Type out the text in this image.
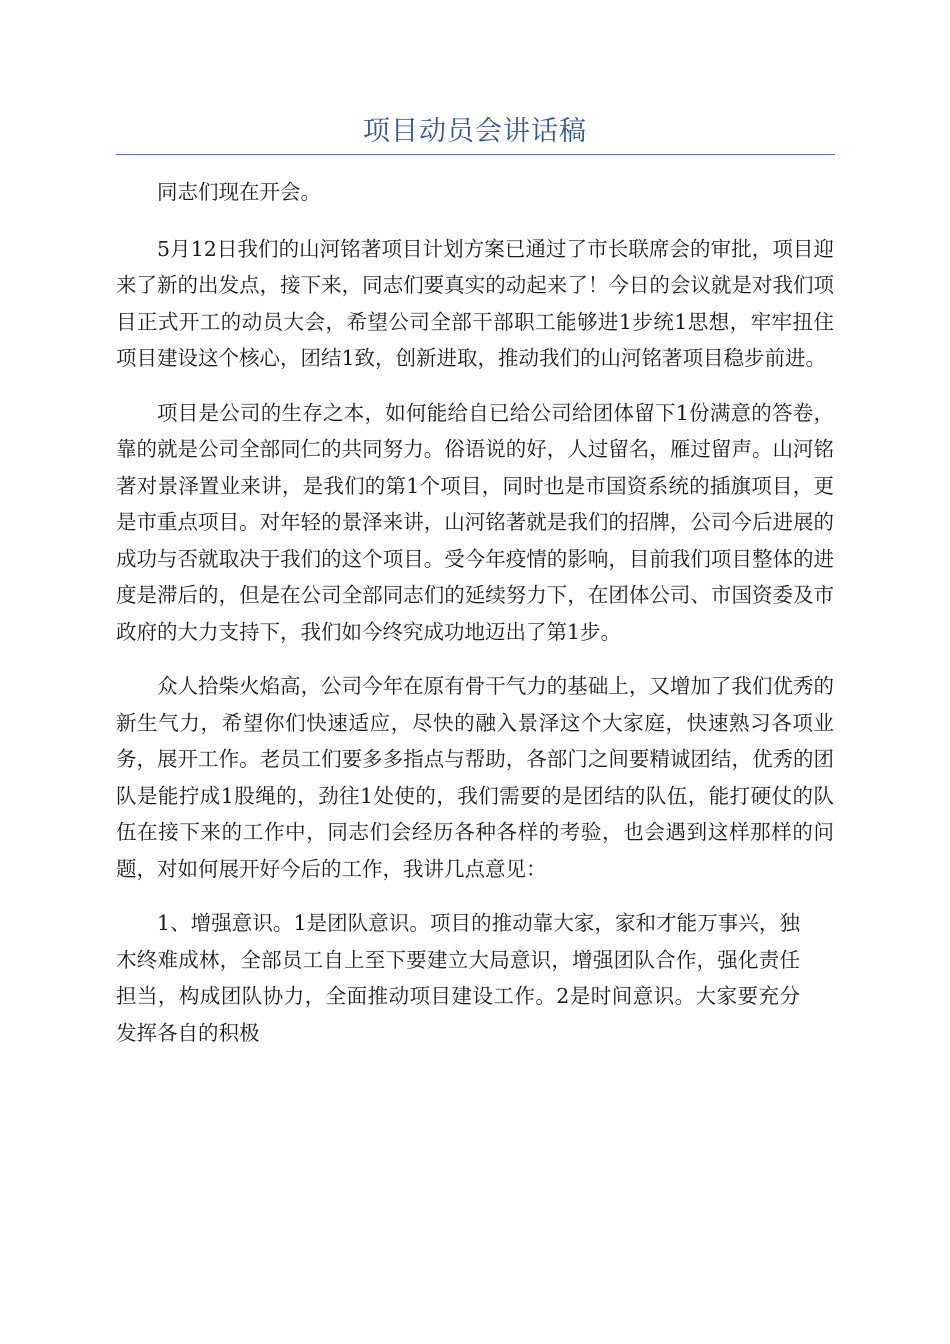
项目动员会讲话稿

同志们现在开会。

5月12日我们的山河铭著项目计划方案已通过了市长联席会的审批，项目迎来了新的出发点，接下来，同志们要真实的动起来了！今日的会议就是对我们项目正式开工的动员大会，希望公司全部干部职工能够进1步统1思想，牢牢扭住项目建设这个核心，团结1致，创新进取，推动我们的山河铭著项目稳步前进。

项目是公司的生存之本，如何能给自已给公司给团体留下1份满意的答卷，靠的就是公司全部同仁的共同努力。俗语说的好，人过留名，雁过留声。山河铭著对景泽置业来讲，是我们的第1个项目，同时也是市国资系统的插旗项目，更是市重点项目。对年轻的景泽来讲，山河铭著就是我们的招牌，公司今后进展的成功与否就取决于我们的这个项目。受今年疫情的影响，目前我们项目整体的进度是滞后的，但是在公司全部同志们的延续努力下，在团体公司、市国资委及市政府的大力支持下，我们如今终究成功地迈出了第1步。

众人拾柴火焰高，公司今年在原有骨干气力的基础上，又增加了我们优秀的新生气力，希望你们快速适应，尽快的融入景泽这个大家庭，快速熟习各项业务，展开工作。老员工们要多多指点与帮助，各部门之间要精诚团结，优秀的团队是能拧成1股绳的，劲往1处使的，我们需要的是团结的队伍，能打硬仗的队伍在接下来的工作中，同志们会经历各种各样的考验，也会遇到这样那样的问题，对如何展开好今后的工作，我讲几点意见：

1、增强意识。1是团队意识。项目的推动靠大家，家和才能万事兴，独木终难成林，全部员工自上至下要建立大局意识，增强团队合作，强化责任担当，构成团队协力，全面推动项目建设工作。2是时间意识。大家要充分发挥各自的积极
